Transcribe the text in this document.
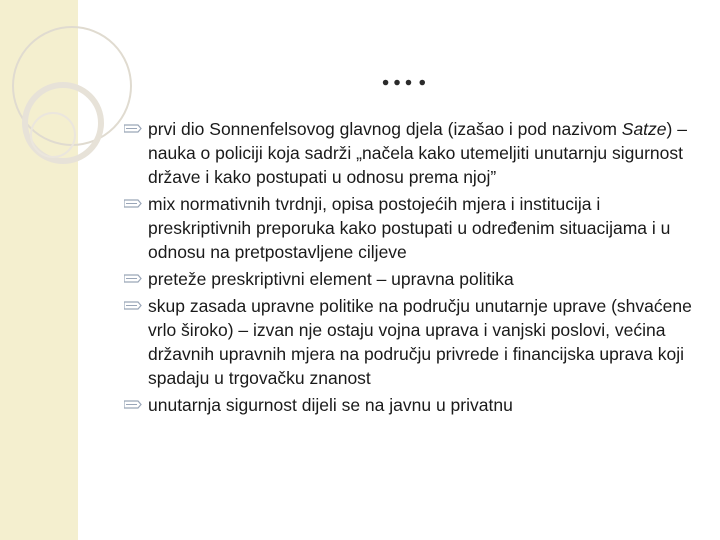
….
prvi dio Sonnenfelsovog glavnog djela (izašao i pod nazivom Satze) – nauka o policiji koja sadrži „načela kako utemeljiti unutarnju sigurnost države i kako postupati u odnosu prema njoj”
mix normativnih tvrdnji, opisa postojećih mjera i institucija i preskriptivnih preporuka kako postupati u određenim situacijama i u odnosu na pretpostavljene ciljeve
preteže preskriptivni element – upravna politika
skup zasada upravne politike na području unutarnje uprave (shvaćene vrlo široko) – izvan nje ostaju vojna uprava i vanjski poslovi, većina državnih upravnih mjera na području privrede i financijska uprava koji spadaju u trgovačku znanost
unutarnja sigurnost dijeli se na javnu u privatnu
